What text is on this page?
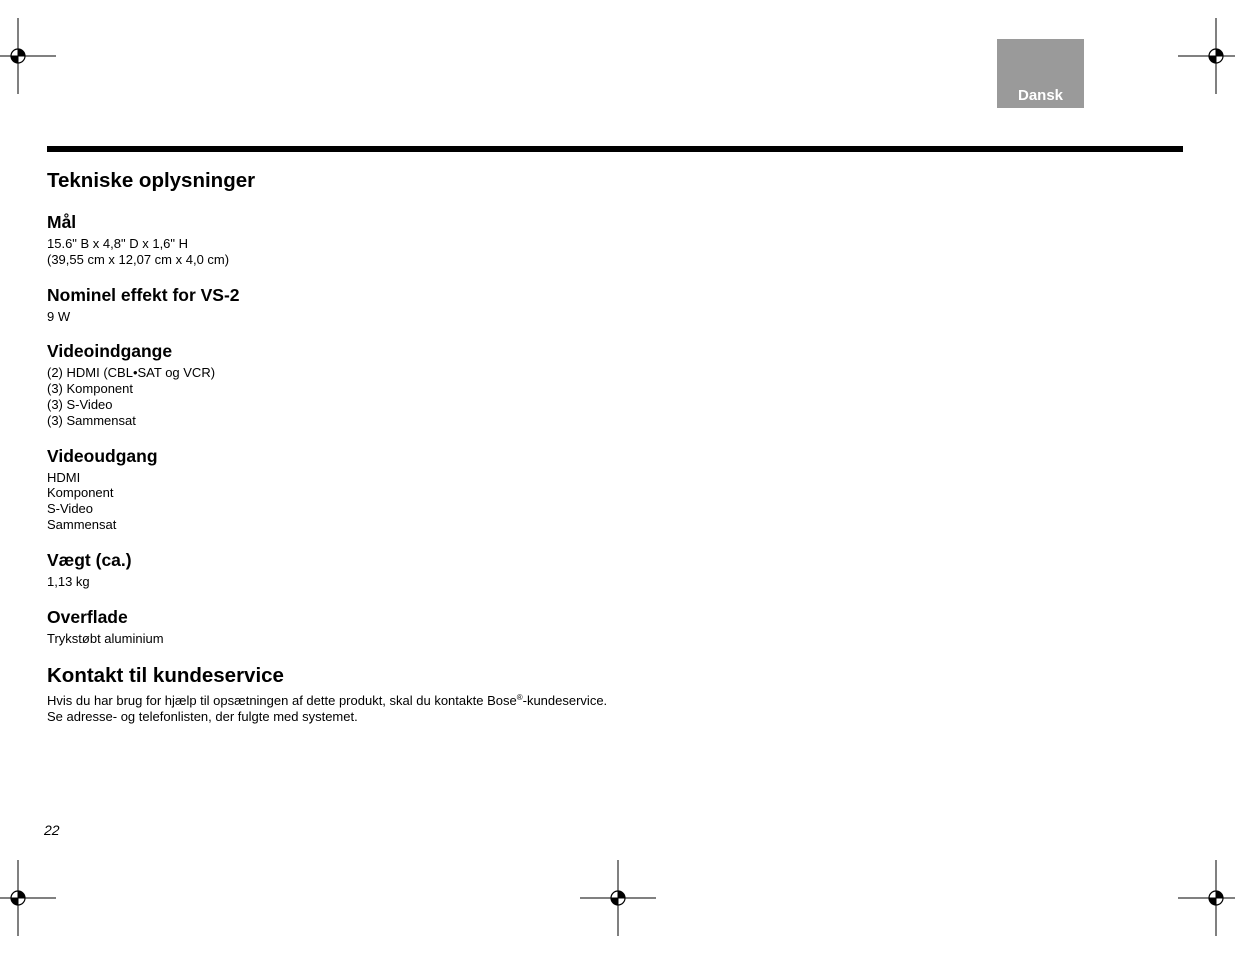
Dansk
Tekniske oplysninger
Mål
15.6" B x 4,8" D x 1,6" H
(39,55 cm x 12,07 cm x 4,0 cm)
Nominel effekt for VS-2
9 W
Videoindgange
(2) HDMI (CBL•SAT og VCR)
(3) Komponent
(3) S-Video
(3) Sammensat
Videoudgang
HDMI
Komponent
S-Video
Sammensat
Vægt (ca.)
1,13 kg
Overflade
Trykstøbt aluminium
Kontakt til kundeservice
Hvis du har brug for hjælp til opsætningen af dette produkt, skal du kontakte Bose®-kundeservice.
Se adresse- og telefonlisten, der fulgte med systemet.
22
